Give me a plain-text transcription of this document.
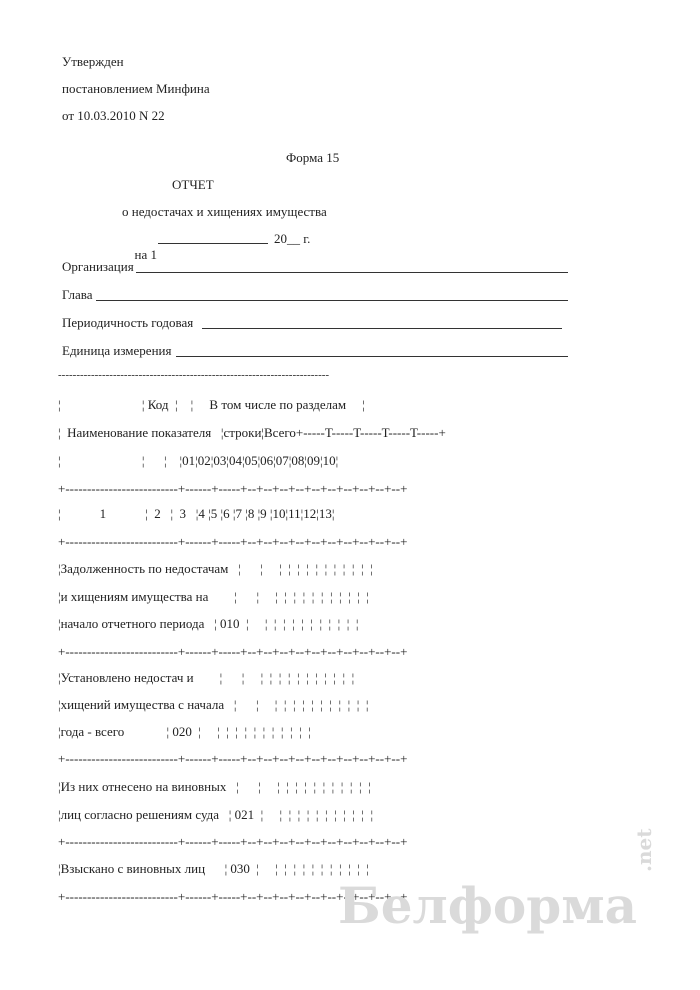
Утвержден
постановлением Минфина
от 10.03.2010 N 22
Форма 15
ОТЧЕТ
о недостачах и хищениях имущества

на 1

20__ г.
Организация
Глава
Периодичность годовая
Единица измерения
--------------------------------------------------------------------------
¦                         ¦ Код  ¦    ¦     В том числе по разделам     ¦
¦  Наименование показателя   ¦строки¦Всего+-----T-----T-----T-----T-----+
¦                         ¦      ¦    ¦01¦02¦03¦04¦05¦06¦07¦08¦09¦10¦
+--------------------------+------+-----+--+--+--+--+--+--+--+--+--+--+
¦            1            ¦  2   ¦  3   ¦4 ¦5 ¦6 ¦7 ¦8 ¦9 ¦10¦11¦12¦13¦
+--------------------------+------+-----+--+--+--+--+--+--+--+--+--+--+
¦Задолженность по недостачам   ¦      ¦     ¦  ¦  ¦  ¦  ¦  ¦  ¦  ¦  ¦  ¦  ¦
¦и хищениям имущества на        ¦      ¦     ¦  ¦  ¦  ¦  ¦  ¦  ¦  ¦  ¦  ¦  ¦
¦начало отчетного периода   ¦ 010  ¦     ¦  ¦  ¦  ¦  ¦  ¦  ¦  ¦  ¦  ¦  ¦
+--------------------------+------+-----+--+--+--+--+--+--+--+--+--+--+
¦Установлено недостач и        ¦      ¦     ¦  ¦  ¦  ¦  ¦  ¦  ¦  ¦  ¦  ¦  ¦
¦хищений имущества с начала   ¦      ¦     ¦  ¦  ¦  ¦  ¦  ¦  ¦  ¦  ¦  ¦  ¦
¦года - всего             ¦ 020  ¦     ¦  ¦  ¦  ¦  ¦  ¦  ¦  ¦  ¦  ¦  ¦
+--------------------------+------+-----+--+--+--+--+--+--+--+--+--+--+
¦Из них отнесено на виновных   ¦      ¦     ¦  ¦  ¦  ¦  ¦  ¦  ¦  ¦  ¦  ¦  ¦
¦лиц согласно решениям суда   ¦ 021  ¦     ¦  ¦  ¦  ¦  ¦  ¦  ¦  ¦  ¦  ¦  ¦
+--------------------------+------+-----+--+--+--+--+--+--+--+--+--+--+
¦Взыскано с виновных лиц      ¦ 030  ¦     ¦  ¦  ¦  ¦  ¦  ¦  ¦  ¦  ¦  ¦  ¦
+--------------------------+------+-----+--+--+--+--+--+--+--+--+--+--+
Белформа
.net
